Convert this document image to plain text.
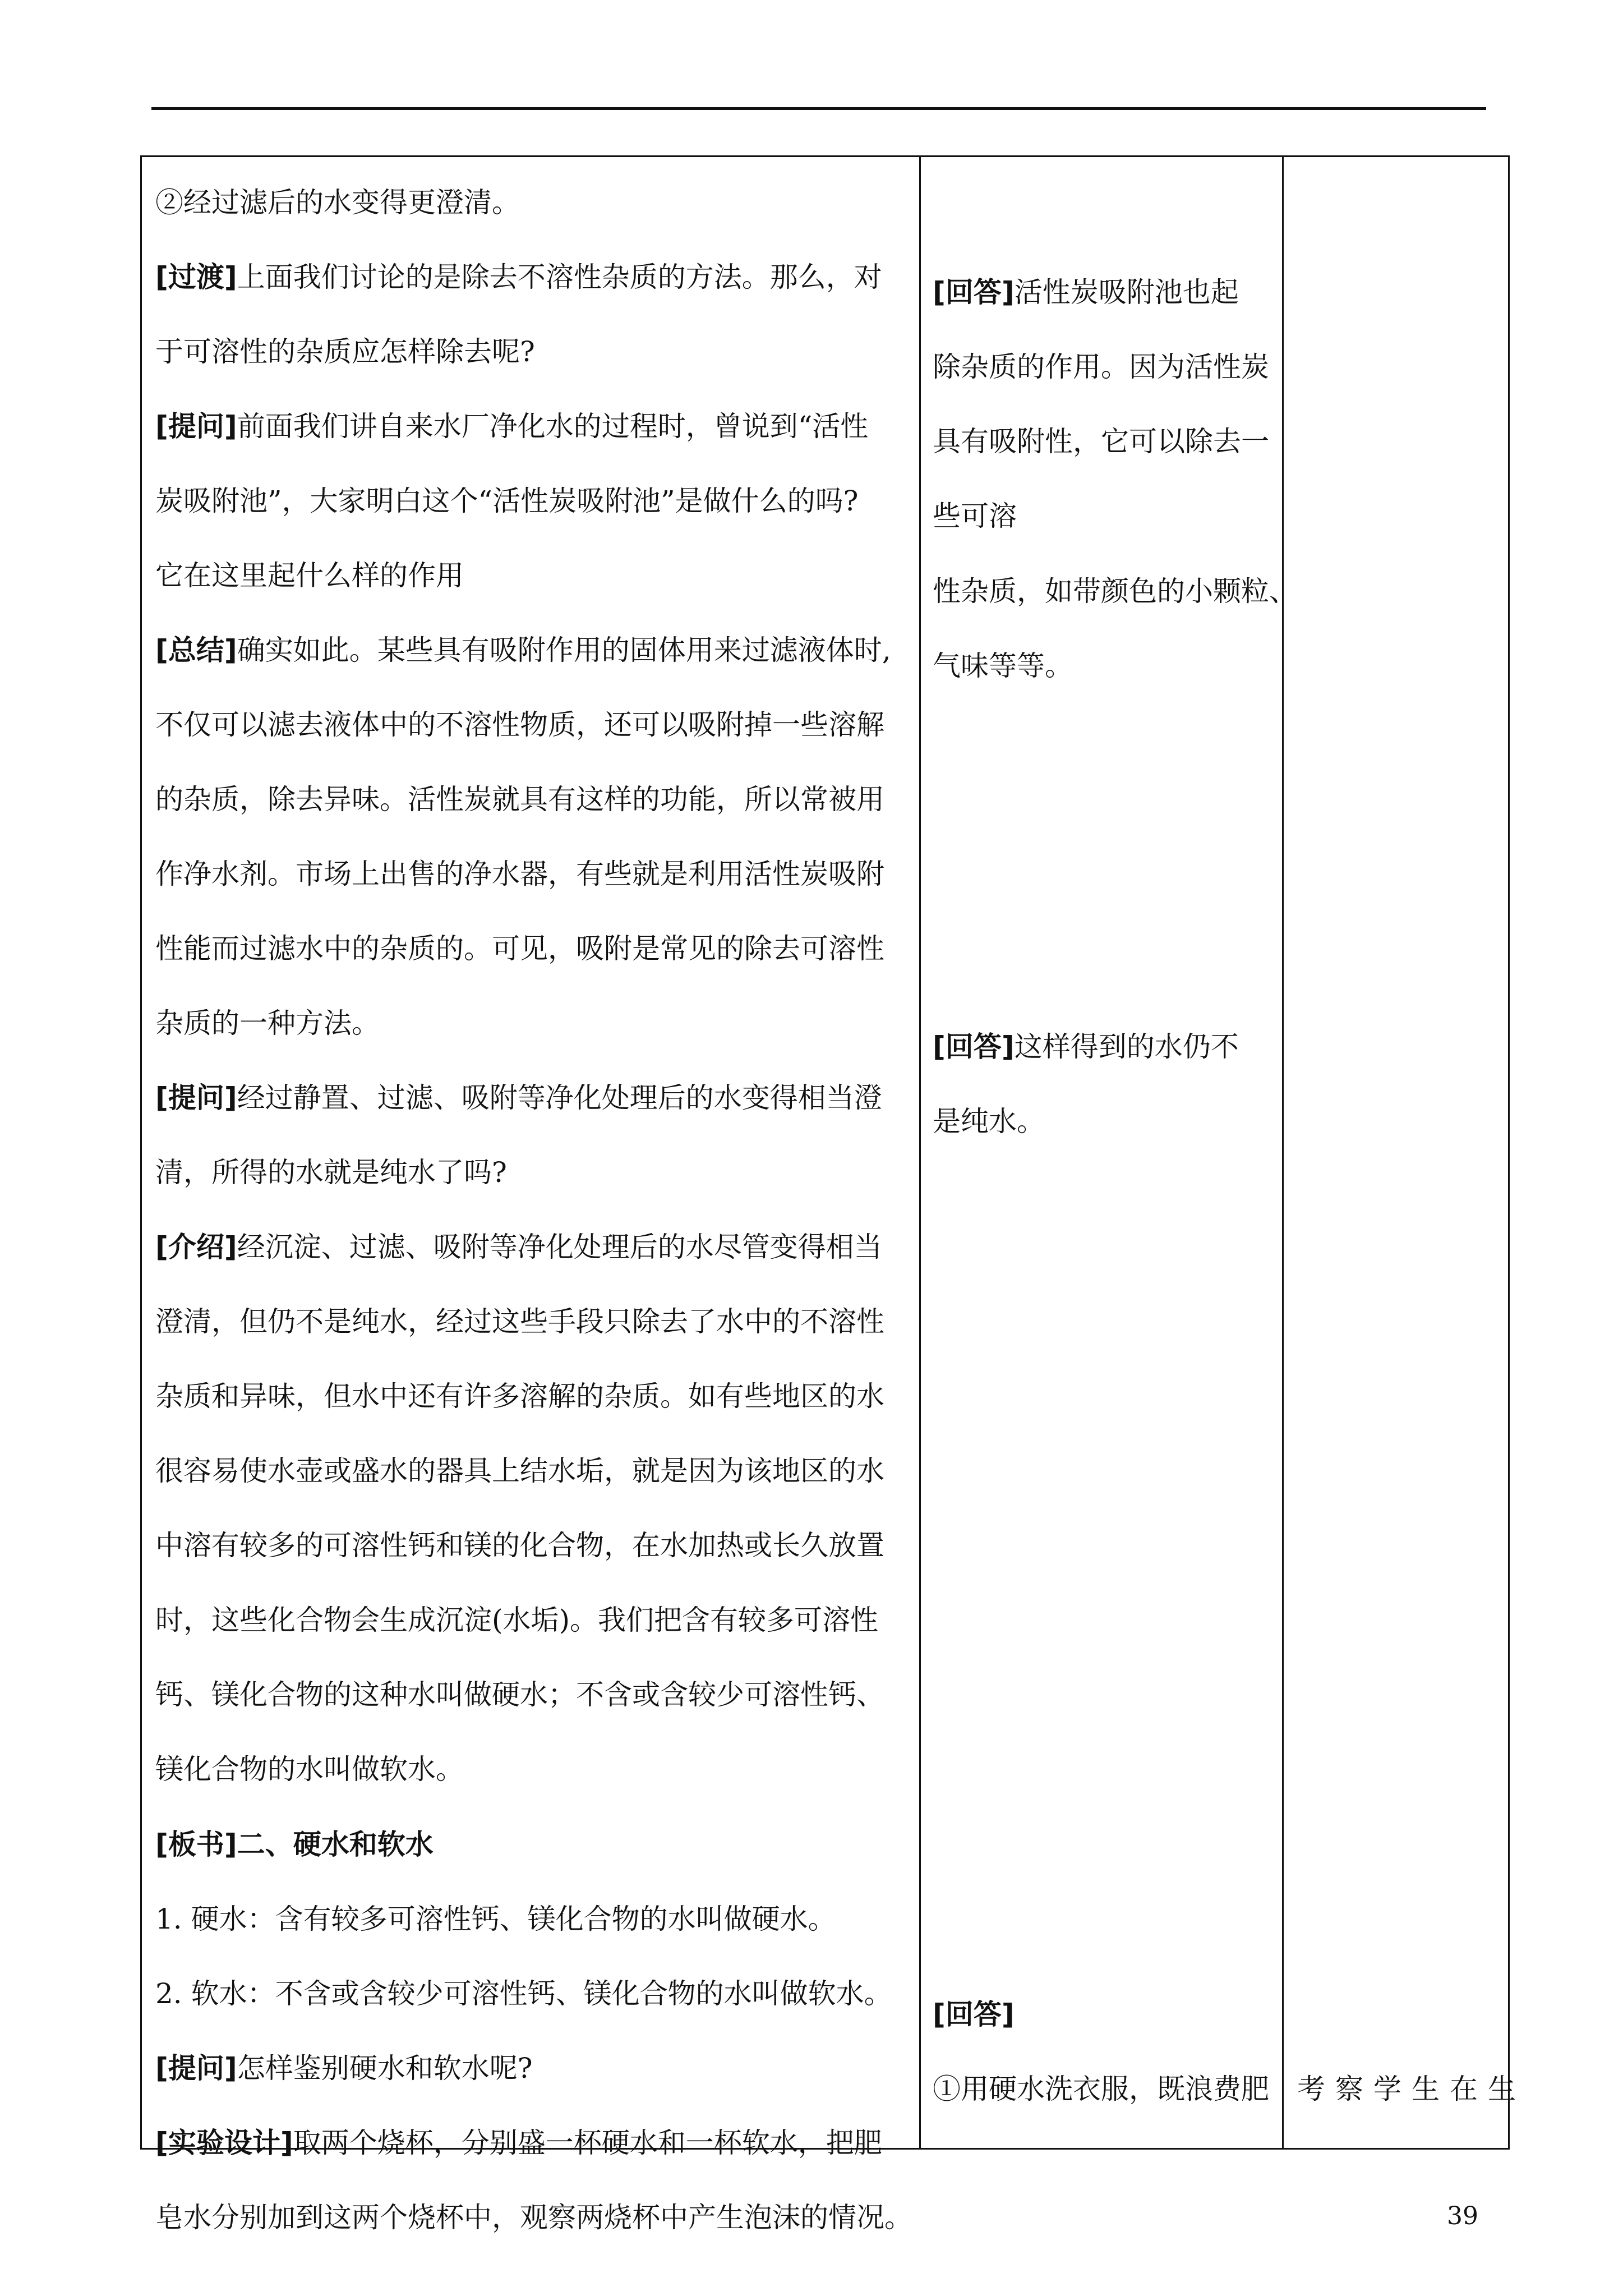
②经过滤后的水变得更澄清。
[过渡]上面我们讨论的是除去不溶性杂质的方法。那么，对
于可溶性的杂质应怎样除去呢?
[提问]前面我们讲自来水厂净化水的过程时，曾说到“活性
炭吸附池”，大家明白这个“活性炭吸附池”是做什么的吗?
它在这里起什么样的作用
[总结]确实如此。某些具有吸附作用的固体用来过滤液体时,
不仅可以滤去液体中的不溶性物质，还可以吸附掉一些溶解
的杂质，除去异味。活性炭就具有这样的功能，所以常被用
作净水剂。市场上出售的净水器，有些就是利用活性炭吸附
性能而过滤水中的杂质的。可见，吸附是常见的除去可溶性
杂质的一种方法。
[提问]经过静置、过滤、吸附等净化处理后的水变得相当澄
清，所得的水就是纯水了吗?
[介绍]经沉淀、过滤、吸附等净化处理后的水尽管变得相当
澄清，但仍不是纯水，经过这些手段只除去了水中的不溶性
杂质和异味，但水中还有许多溶解的杂质。如有些地区的水
很容易使水壶或盛水的器具上结水垢，就是因为该地区的水
中溶有较多的可溶性钙和镁的化合物，在水加热或长久放置
时，这些化合物会生成沉淀(水垢)。我们把含有较多可溶性
钙、镁化合物的这种水叫做硬水；不含或含较少可溶性钙、
镁化合物的水叫做软水。
[板书]二、硬水和软水
1. 硬水：含有较多可溶性钙、镁化合物的水叫做硬水。
2. 软水：不含或含较少可溶性钙、镁化合物的水叫做软水。
[提问]怎样鉴别硬水和软水呢?
[实验设计]取两个烧杯，分别盛一杯硬水和一杯软水，把肥
皂水分别加到这两个烧杯中，观察两烧杯中产生泡沫的情况。
[回答]活性炭吸附池也起
除杂质的作用。因为活性炭
具有吸附性，它可以除去一
些可溶
性杂质，如带颜色的小颗粒、
气味等等。
[回答]这样得到的水仍不
是纯水。
[回答]
①用硬水洗衣服，既浪费肥 考察学生在生
39
